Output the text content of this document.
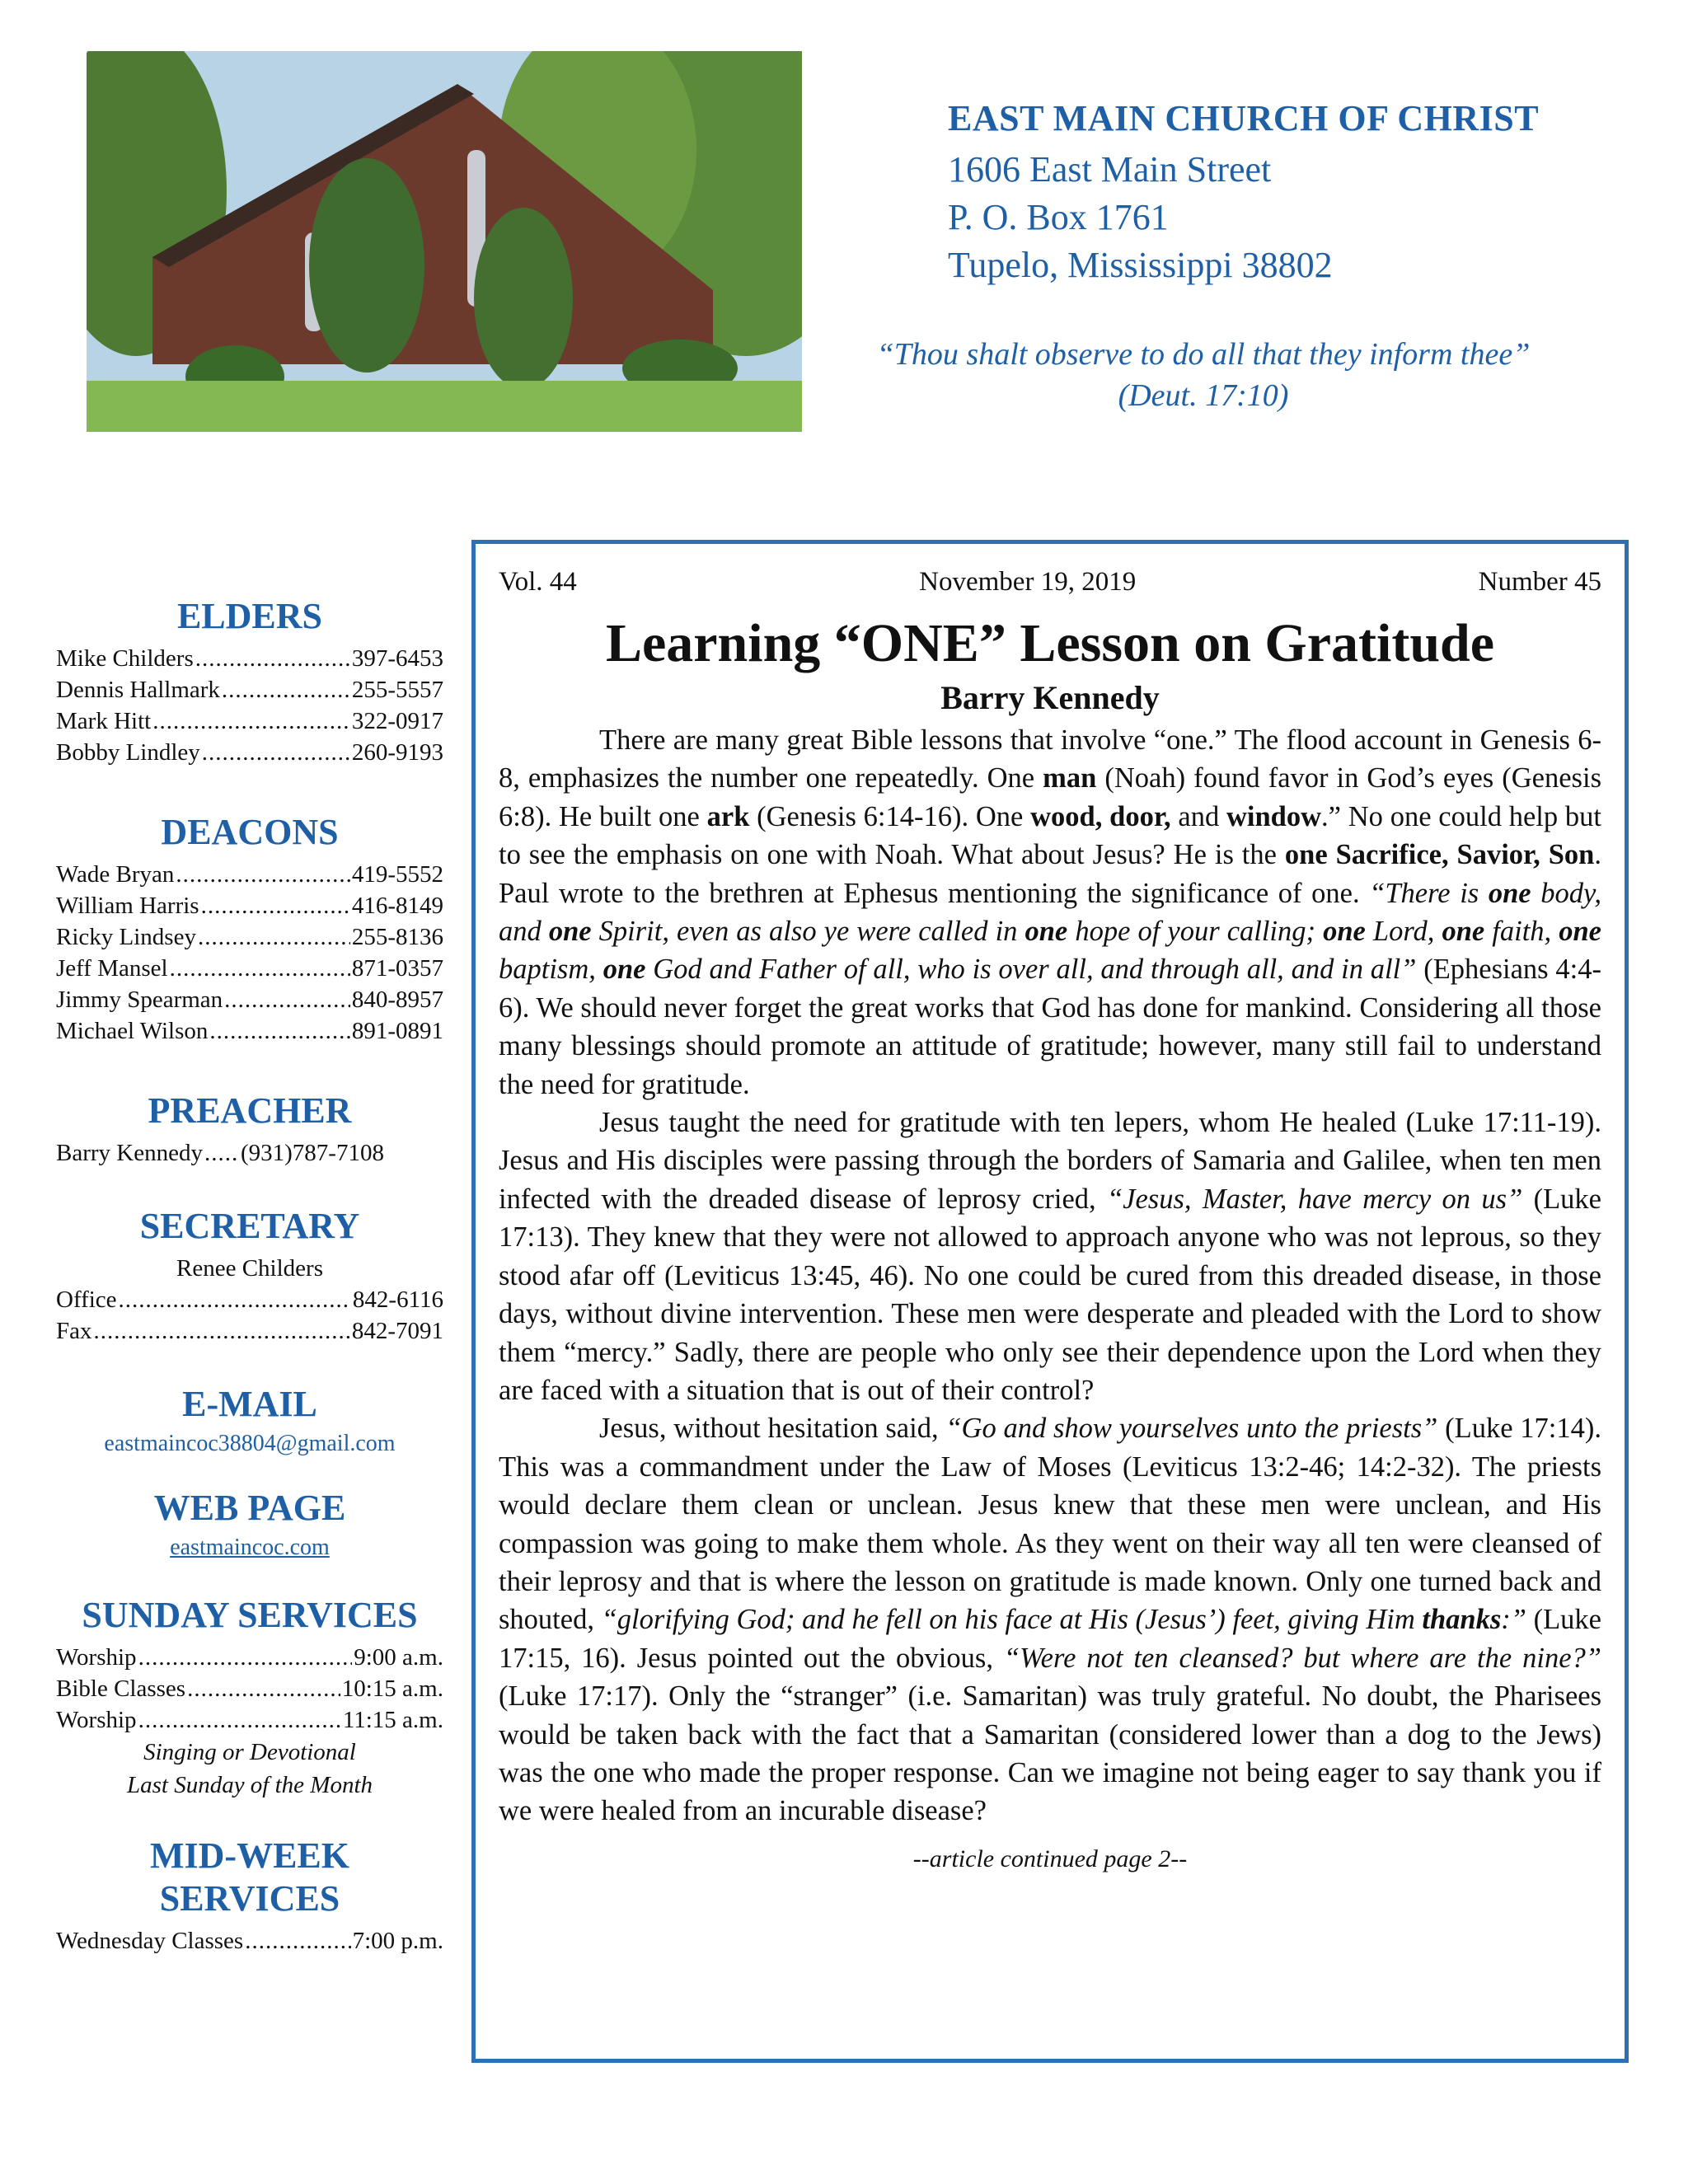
EAST MAIN CHURCH OF CHRIST
1606 East Main Street
P. O. Box 1761
Tupelo, Mississippi 38802
“Thou shalt observe to do all that they inform thee”
(Deut. 17:10)
ELDERS
Mike Childers .....	397-6453
Dennis Hallmark .....	255-5557
Mark Hitt .....	322-0917
Bobby Lindley .....	260-9193
DEACONS
Wade Bryan .....	419-5552
William Harris .....	416-8149
Ricky Lindsey .....	255-8136
Jeff Mansel .....	871-0357
Jimmy Spearman .....	840-8957
Michael Wilson .....	891-0891
PREACHER
Barry Kennedy ..... (931)787-7108
SECRETARY
Renee Childers
Office .....	842-6116
Fax .....	842-7091
E-MAIL
eastmaincoc38804@gmail.com
WEB PAGE
eastmaincoc.com
SUNDAY SERVICES
Worship .....	9:00 a.m.
Bible Classes .....	10:15 a.m.
Worship .....	11:15 a.m.
Singing or Devotional
Last Sunday of the Month
MID-WEEK
SERVICES
Wednesday Classes .....	7:00 p.m.
Vol. 44	November 19, 2019	Number 45
Learning “ONE” Lesson on Gratitude
Barry Kennedy

There are many great Bible lessons that involve “one.” The flood account in Genesis 6-8, emphasizes the number one repeatedly. One man (Noah) found favor in God’s eyes (Genesis 6:8). He built one ark (Genesis 6:14-16). One wood, door, and window.” No one could help but to see the emphasis on one with Noah. What about Jesus? He is the one Sacrifice, Savior, Son. Paul wrote to the brethren at Ephesus mentioning the significance of one. “There is one body, and one Spirit, even as also ye were called in one hope of your calling; one Lord, one faith, one baptism, one God and Father of all, who is over all, and through all, and in all” (Ephesians 4:4-6). We should never forget the great works that God has done for mankind. Considering all those many blessings should promote an attitude of gratitude; however, many still fail to understand the need for gratitude.

Jesus taught the need for gratitude with ten lepers, whom He healed (Luke 17:11-19). Jesus and His disciples were passing through the borders of Samaria and Galilee, when ten men infected with the dreaded disease of leprosy cried, “Jesus, Master, have mercy on us” (Luke 17:13). They knew that they were not allowed to approach anyone who was not leprous, so they stood afar off (Leviticus 13:45, 46). No one could be cured from this dreaded disease, in those days, without divine intervention. These men were desperate and pleaded with the Lord to show them “mercy.” Sadly, there are people who only see their dependence upon the Lord when they are faced with a situation that is out of their control?

Jesus, without hesitation said, “Go and show yourselves unto the priests” (Luke 17:14). This was a commandment under the Law of Moses (Leviticus 13:2-46; 14:2-32). The priests would declare them clean or unclean. Jesus knew that these men were unclean, and His compassion was going to make them whole. As they went on their way all ten were cleansed of their leprosy and that is where the lesson on gratitude is made known. Only one turned back and shouted, “glorifying God; and he fell on his face at His (Jesus’) feet, giving Him thanks:” (Luke 17:15, 16). Jesus pointed out the obvious, “Were not ten cleansed? but where are the nine?” (Luke 17:17). Only the “stranger” (i.e. Samaritan) was truly grateful. No doubt, the Pharisees would be taken back with the fact that a Samaritan (considered lower than a dog to the Jews) was the one who made the proper response. Can we imagine not being eager to say thank you if we were healed from an incurable disease?

--article continued page 2--
